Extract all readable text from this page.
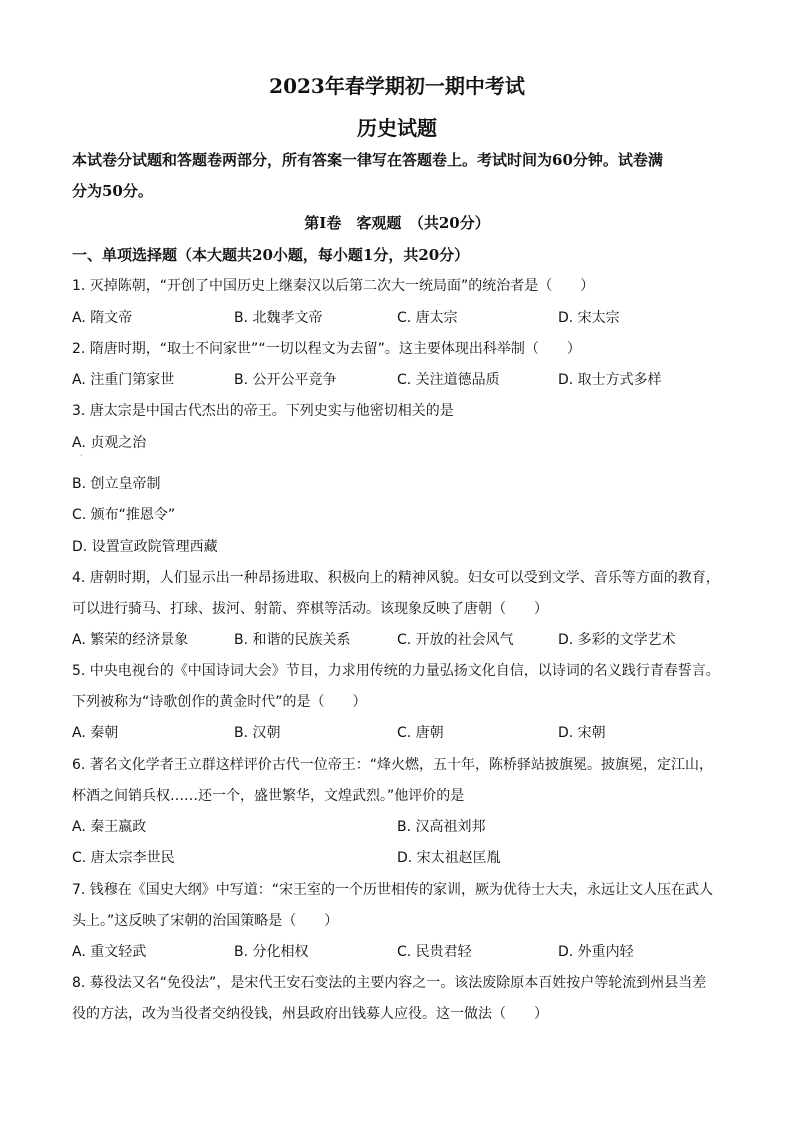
2023年春学期初一期中考试
历史试题
本试卷分试题和答题卷两部分，所有答案一律写在答题卷上。考试时间为60分钟。试卷满
分为50分。
第Ⅰ卷　客观题　（共20分）
一、单项选择题（本大题共20小题，每小题1分，共20分）
1. 灭掉陈朝，“开创了中国历史上继秦汉以后第二次大一统局面”的统治者是（　　）
A. 隋文帝	B. 北魏孝文帝	C. 唐太宗	D. 宋太宗
2. 隋唐时期，“取士不问家世”“一切以程文为去留”。这主要体现出科举制（　　）
A. 注重门第家世	B. 公开公平竞争	C. 关注道德品质	D. 取士方式多样
3. 唐太宗是中国古代杰出的帝王。下列史实与他密切相关的是
A. 贞观之治
·
B. 创立皇帝制
C. 颁布“推恩令”
D. 设置宣政院管理西藏
4. 唐朝时期，人们显示出一种昂扬进取、积极向上的精神风貌。妇女可以受到文学、音乐等方面的教育，
可以进行骑马、打球、拔河、射箭、弈棋等活动。该现象反映了唐朝（　　）
A. 繁荣的经济景象	B. 和谐的民族关系	C. 开放的社会风气	D. 多彩的文学艺术
5. 中央电视台的《中国诗词大会》节目，力求用传统的力量弘扬文化自信，以诗词的名义践行青春誓言。
下列被称为“诗歌创作的黄金时代”的是（　　）
A. 秦朝	B. 汉朝	C. 唐朝	D. 宋朝
6. 著名文化学者王立群这样评价古代一位帝王：“烽火燃，五十年，陈桥驿站披旗冕。披旗冕，定江山，
杯酒之间销兵权……还一个，盛世繁华，文煌武烈。”他评价的是
A. 秦王嬴政	B. 汉高祖刘邦
C. 唐太宗李世民	D. 宋太祖赵匡胤
7. 钱穆在《国史大纲》中写道：“宋王室的一个历世相传的家训，厥为优待士大夫，永远让文人压在武人
头上。”这反映了宋朝的治国策略是（　　）
A. 重文轻武	B. 分化相权	C. 民贵君轻	D. 外重内轻
8. 募役法又名“免役法”，是宋代王安石变法的主要内容之一。该法废除原本百姓按户等轮流到州县当差
役的方法，改为当役者交纳役钱，州县政府出钱募人应役。这一做法（　　）
